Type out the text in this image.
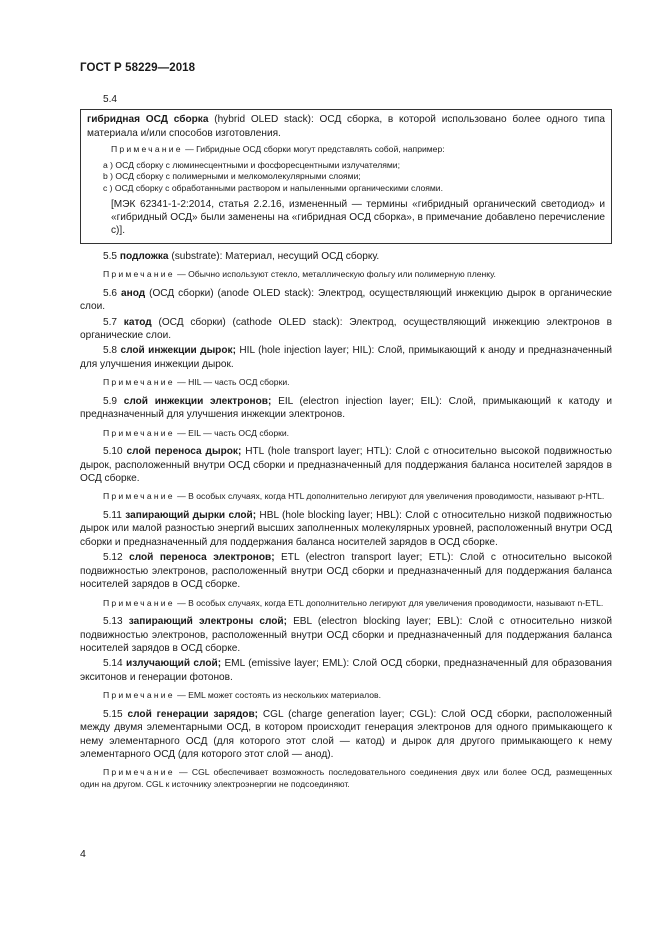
ГОСТ Р 58229—2018
5.4

гибридная ОСД сборка (hybrid OLED stack): ОСД сборка, в которой использовано более одного типа материала и/или способов изготовления.

Примечание — Гибридные ОСД сборки могут представлять собой, например:

a ) ОСД сборку с люминесцентными и фосфоресцентными излучателями;
b ) ОСД сборку с полимерными и мелкомолекулярными слоями;
c ) ОСД сборку с обработанными раствором и напыленными органическими слоями.

[МЭК 62341-1-2:2014, статья 2.2.16, измененный — термины «гибридный органический светодиод» и «гибридный ОСД» были заменены на «гибридная ОСД сборка», в примечание добавлено перечисление с)].

5.5 подложка (substrate): Материал, несущий ОСД сборку.

Примечание — Обычно используют стекло, металлическую фольгу или полимерную пленку.

5.6 анод (ОСД сборки) (anode OLED stack): Электрод, осуществляющий инжекцию дырок в органические слои.

5.7 катод (ОСД сборки) (cathode OLED stack): Электрод, осуществляющий инжекцию электронов в органические слои.

5.8 слой инжекции дырок; HIL (hole injection layer; HIL): Слой, примыкающий к аноду и предназначенный для улучшения инжекции дырок.

Примечание — HIL — часть ОСД сборки.

5.9 слой инжекции электронов; EIL (electron injection layer; EIL): Слой, примыкающий к катоду и предназначенный для улучшения инжекции электронов.

Примечание — EIL — часть ОСД сборки.

5.10 слой переноса дырок; HTL (hole transport layer; HTL): Слой с относительно высокой подвижностью дырок, расположенный внутри ОСД сборки и предназначенный для поддержания баланса носителей зарядов в ОСД сборке.

Примечание — В особых случаях, когда HTL дополнительно легируют для увеличения проводимости, называют p-HTL.

5.11 запирающий дырки слой; HBL (hole blocking layer; HBL): Слой с относительно низкой подвижностью дырок или малой разностью энергий высших заполненных молекулярных уровней, расположенный внутри ОСД сборки и предназначенный для поддержания баланса носителей зарядов в ОСД сборке.

5.12 слой переноса электронов; ETL (electron transport layer; ETL): Слой с относительно высокой подвижностью электронов, расположенный внутри ОСД сборки и предназначенный для поддержания баланса носителей зарядов в ОСД сборке.

Примечание — В особых случаях, когда ETL дополнительно легируют для увеличения проводимости, называют n-ETL.

5.13 запирающий электроны слой; EBL (electron blocking layer; EBL): Слой с относительно низкой подвижностью электронов, расположенный внутри ОСД сборки и предназначенный для поддержания баланса носителей зарядов в ОСД сборке.

5.14 излучающий слой; EML (emissive layer; EML): Слой ОСД сборки, предназначенный для образования экситонов и генерации фотонов.

Примечание — EML может состоять из нескольких материалов.

5.15 слой генерации зарядов; CGL (charge generation layer; CGL): Слой ОСД сборки, расположенный между двумя элементарными ОСД, в котором происходит генерация электронов для одного примыкающего к нему элементарного ОСД (для которого этот слой — катод) и дырок для другого примыкающего к нему элементарного ОСД (для которого этот слой — анод).

Примечание — CGL обеспечивает возможность последовательного соединения двух или более ОСД, размещенных один на другом. CGL к источнику электроэнергии не подсоединяют.

4
